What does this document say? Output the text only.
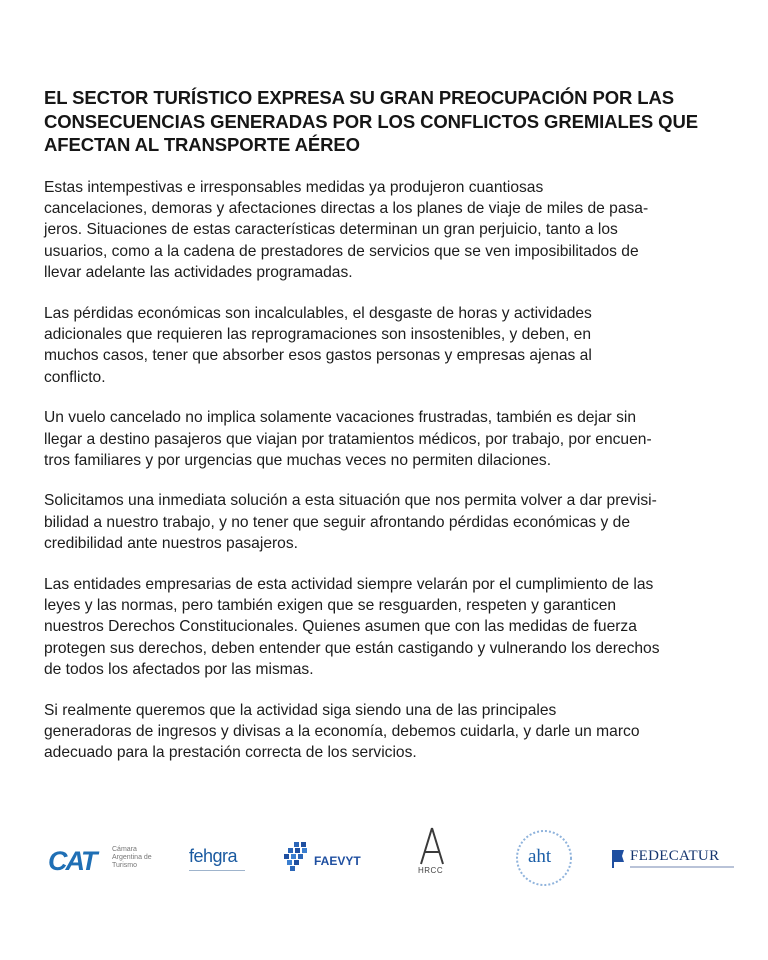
EL SECTOR TURÍSTICO EXPRESA SU GRAN PREOCUPACIÓN POR LAS
CONSECUENCIAS GENERADAS POR LOS CONFLICTOS GREMIALES QUE
AFECTAN AL TRANSPORTE AÉREO

Estas intempestivas e irresponsables medidas ya produjeron cuantiosas
cancelaciones, demoras y afectaciones directas a los planes de viaje de miles de pasa-
jeros. Situaciones de estas características determinan un gran perjuicio, tanto a los
usuarios, como a la cadena de prestadores de servicios que se ven imposibilitados de
llevar adelante las actividades programadas.

Las pérdidas económicas son incalculables, el desgaste de horas y actividades
adicionales que requieren las reprogramaciones son insostenibles, y deben, en
muchos casos, tener que absorber esos gastos personas y empresas ajenas al
conflicto.

Un vuelo cancelado no implica solamente vacaciones frustradas, también es dejar sin
llegar a destino pasajeros que viajan por tratamientos médicos, por trabajo, por encuen-
tros familiares y por urgencias que muchas veces no permiten dilaciones.

Solicitamos una inmediata solución a esta situación que nos permita volver a dar previsi-
bilidad a nuestro trabajo, y no tener que seguir afrontando pérdidas económicas y de
credibilidad ante nuestros pasajeros.

Las entidades empresarias de esta actividad siempre velarán por el cumplimiento de las
leyes y las normas, pero también exigen que se resguarden, respeten y garanticen
nuestros Derechos Constitucionales. Quienes asumen que con las medidas de fuerza
protegen sus derechos, deben entender que están castigando y vulnerando los derechos
de todos los afectados por las mismas.

Si realmente queremos que la actividad siga siendo una de las principales
generadoras de ingresos y divisas a la economía, debemos cuidarla, y darle un marco
adecuado para la prestación correcta de los servicios.

CAT Cámara Argentina de Turismo	fehgra	FAEVYT
HRCC
aht	FEDECATUR
